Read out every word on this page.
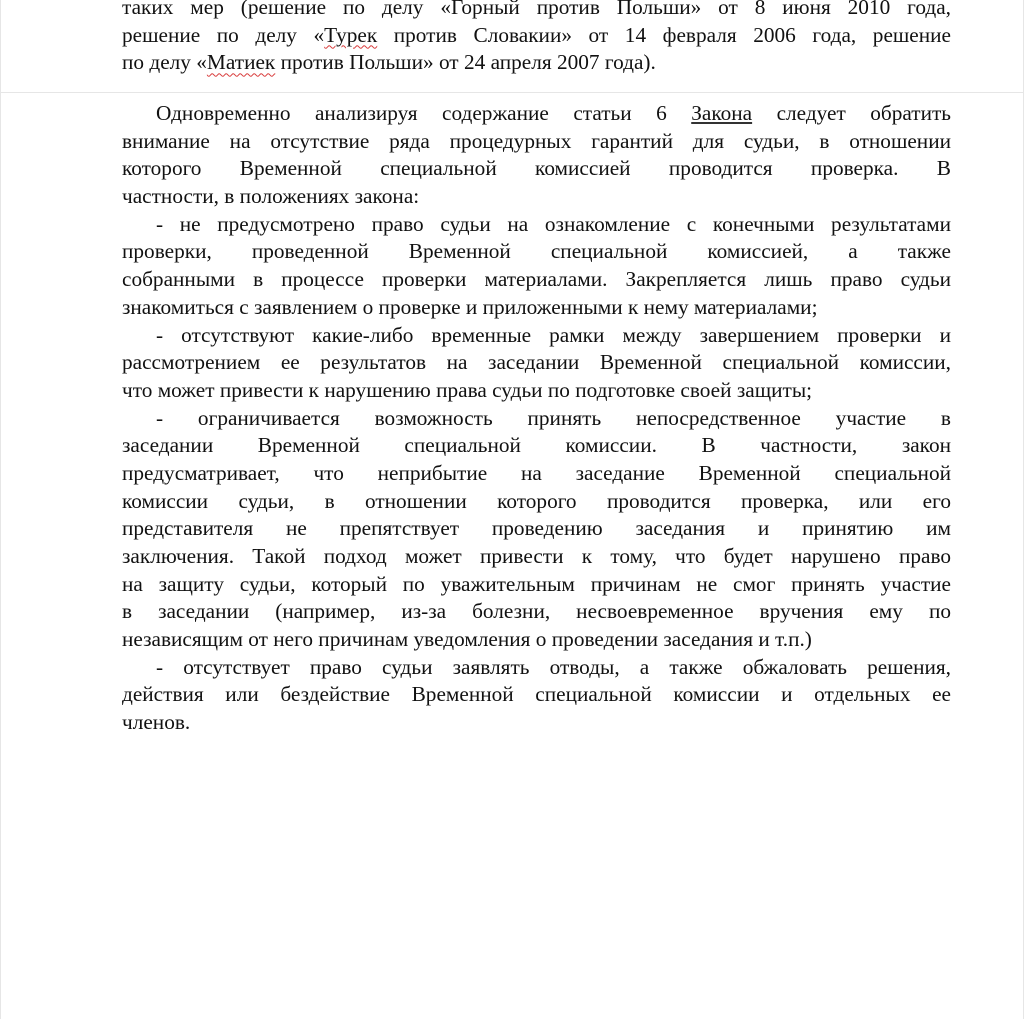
таких мер (решение по делу «Горный против Польши» от 8 июня 2010 года,
решение по делу «Турек против Словакии» от 14 февраля 2006 года, решение
по делу «Матиек против Польши» от 24 апреля 2007 года).
Одновременно анализируя содержание статьи 6 Закона следует обратить
внимание на отсутствие ряда процедурных гарантий для судьи, в отношении
которого Временной специальной комиссией проводится проверка. В
частности, в положениях закона:
- не предусмотрено право судьи на ознакомление с конечными результатами
проверки, проведенной Временной специальной комиссией, а также
собранными в процессе проверки материалами. Закрепляется лишь право судьи
знакомиться с заявлением о проверке и приложенными к нему материалами;
- отсутствуют какие-либо временные рамки между завершением проверки и
рассмотрением ее результатов на заседании Временной специальной комиссии,
что может привести к нарушению права судьи по подготовке своей защиты;
- ограничивается возможность принять непосредственное участие в
заседании Временной специальной комиссии. В частности, закон
предусматривает, что неприбытие на заседание Временной специальной
комиссии судьи, в отношении которого проводится проверка, или его
представителя не препятствует проведению заседания и принятию им
заключения. Такой подход может привести к тому, что будет нарушено право
на защиту судьи, который по уважительным причинам не смог принять участие
в заседании (например, из-за болезни, несвоевременное вручения ему по
независящим от него причинам уведомления о проведении заседания и т.п.)
- отсутствует право судьи заявлять отводы, а также обжаловать решения,
действия или бездействие Временной специальной комиссии и отдельных ее
членов.
